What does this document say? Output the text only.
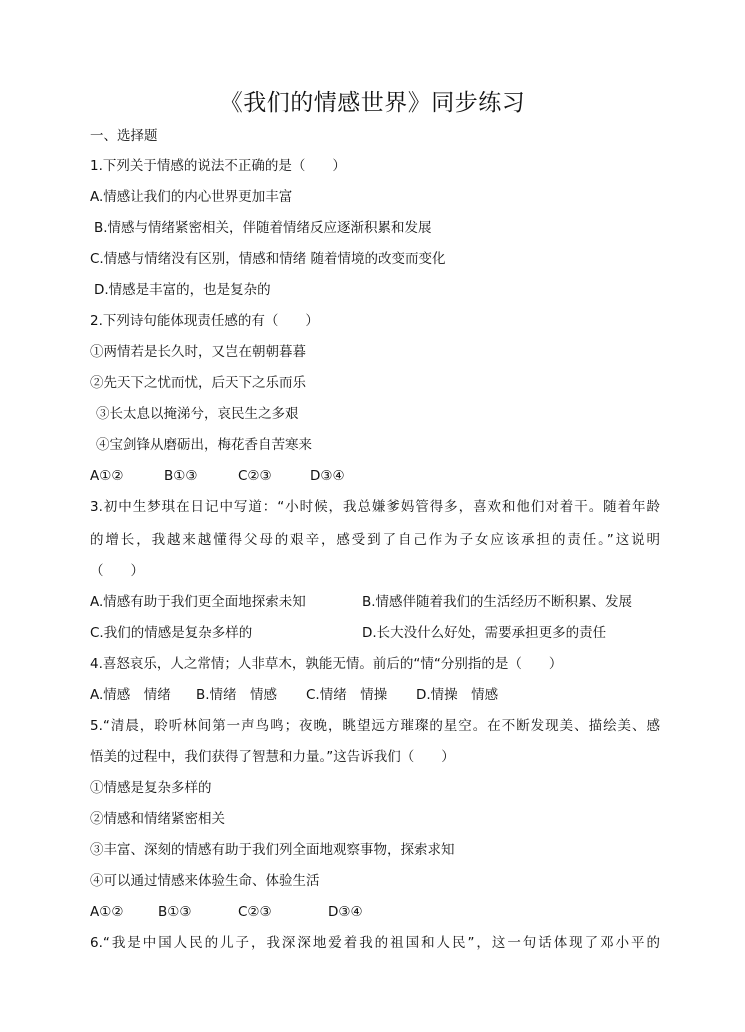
《我们的情感世界》同步练习
一、选择题
1.下列关于情感的说法不正确的是（　　）
A.情感让我们的内心世界更加丰富
B.情感与情绪紧密相关，伴随着情绪反应逐渐积累和发展
C.情感与情绪没有区别，情感和情绪 随着情境的改变而变化
D.情感是丰富的，也是复杂的
2.下列诗句能体现责任感的有（　　）
①两情若是长久时，又岂在朝朝暮暮
②先天下之忧而忧，后天下之乐而乐
③长太息以掩涕兮，哀民生之多艰
④宝剑锋从磨砺出，梅花香自苦寒来
A①②	B①③	C②③	D③④
3.初中生梦琪在日记中写道：“小时候，我总嫌爹妈管得多，喜欢和他们对着干。随着年龄
的增长，我越来越懂得父母的艰辛，感受到了自己作为子女应该承担的责任。”这说明
（　　）
A.情感有助于我们更全面地探索未知	B.情感伴随着我们的生活经历不断积累、发展
C.我们的情感是复杂多样的	D.长大没什么好处，需要承担更多的责任
4.喜怒哀乐，人之常情；人非草木，孰能无情。前后的“情“分别指的是（　　）
A.情感　情绪 B.情绪　情感 C.情绪　情操 D.情操　情感
5.“清晨，聆听林间第一声鸟鸣；夜晚，眺望远方璀璨的星空。在不断发现美、描绘美、感
悟美的过程中，我们获得了智慧和力量。”这告诉我们（　　）
①情感是复杂多样的
②情感和情绪紧密相关
③丰富、深刻的情感有助于我们列全面地观察事物，探索求知
④可以通过情感来体验生命、体验生活
A①②	B①③	C②③	D③④
6.“我是中国人民的儿子，我深深地爱着我的祖国和人民”，这一句话体现了邓小平的
